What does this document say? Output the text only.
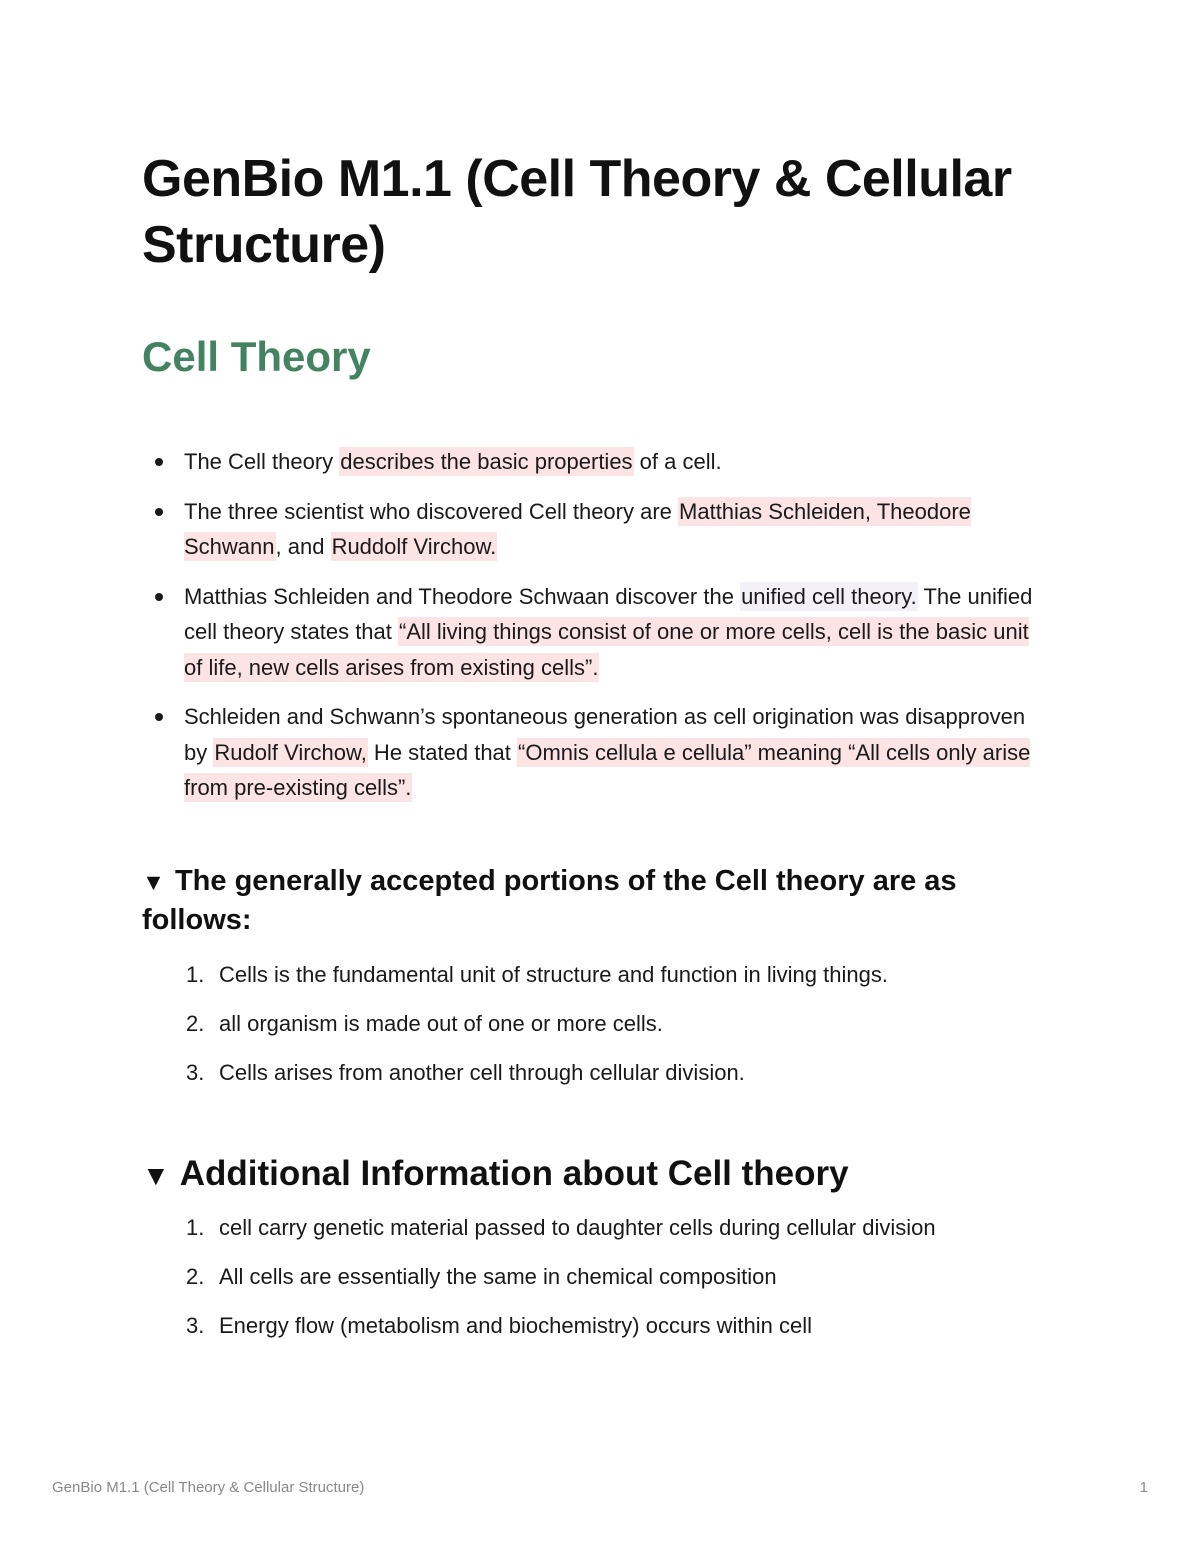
GenBio M1.1 (Cell Theory & Cellular Structure)
Cell Theory
The Cell theory describes the basic properties of a cell.
The three scientist who discovered Cell theory are Matthias Schleiden, Theodore Schwann, and Ruddolf Virchow.
Matthias Schleiden and Theodore Schwaan discover the unified cell theory. The unified cell theory states that “All living things consist of one or more cells, cell is the basic unit of life, new cells arises from existing cells”.
Schleiden and Schwann’s spontaneous generation as cell origination was disapproven by Rudolf Virchow, He stated that “Omnis cellula e cellula” meaning “All cells only arise from pre-existing cells”.
▼ The generally accepted portions of the Cell theory are as follows:
1. Cells is the fundamental unit of structure and function in living things.
2. all organism is made out of one or more cells.
3. Cells arises from another cell through cellular division.
▼ Additional Information about Cell theory
1. cell carry genetic material passed to daughter cells during cellular division
2. All cells are essentially the same in chemical composition
3. Energy flow (metabolism and biochemistry) occurs within cell
GenBio M1.1 (Cell Theory & Cellular Structure)	1
